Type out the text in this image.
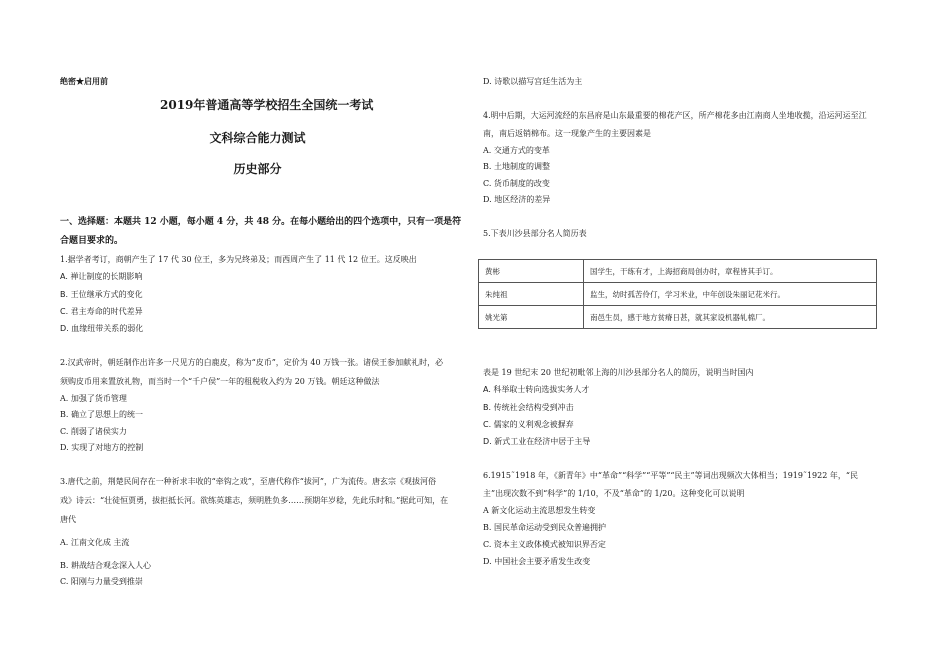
绝密★启用前
2019年普通高等学校招生全国统一考试
文科综合能力测试
历史部分
一、选择题：本题共 12 小题，每小题 4 分，共 48 分。在每小题给出的四个选项中，只有一项是符
合题目要求的。
1.据学者考订，商朝产生了 17 代 30 位王，多为兄终弟及；而西周产生了 11 代 12 位王。这反映出
A. 禅让制度的长期影响
B. 王位继承方式的变化
C. 君主寿命的时代差异
D. 血缘纽带关系的弱化
2.汉武帝时，朝廷制作出许多一尺见方的白鹿皮，称为“皮币”，定价为 40 万钱一张。诸侯王参加献礼时，必
须购皮币用来置放礼物，而当时一个“千户侯”一年的租税收入约为 20 万钱。朝廷这种做法
A. 加强了货币管理
B. 确立了思想上的统一
C. 削弱了诸侯实力
D. 实现了对地方的控制
3.唐代之前，荆楚民间存在一种祈求丰收的“牵钩之戏”，至唐代称作“拔河”，广为流传。唐玄宗《观拔河俗
戏》诗云：“壮徒恒贾勇，拔拒抵长河。欲练英雄志，须明胜负多……预期年岁稔，先此乐时和。”据此可知，在
唐代
A. 江南文化成 主流
B. 耕战结合观念深入人心
C. 阳刚与力量受到推崇
D. 诗歌以描写宫廷生活为主
4.明中后期，大运河流经的东昌府是山东最重要的棉花产区，所产棉花多由江南商人坐地收揽，沿运河运至江
南，南后返销棉布。这一现象产生的主要因素是
A. 交通方式的变革
B. 土地制度的调整
C. 货币制度的改变
D. 地区经济的差异
5.下表川沙县部分名人简历表
黄彬	国学生，干练有才，上海招商局创办时，章程皆其手订。
朱纯祖	监生，幼时孤苦伶仃，学习米业，中年创设朱丽记花米行。
姚光第	南邑生员，感于地方贫瘠日甚，就其家设机器轧棉厂。
表是 19 世纪末 20 世纪初毗邻上海的川沙县部分名人的简历，说明当时国内
A. 科举取士转向选拔实务人才
B. 传统社会结构受到冲击
C. 儒家的义利观念被摒弃
D. 新式工业在经济中居于主导
6.1915˜1918 年，《新青年》中“革命”“科学”“平等”“民主”等词出现频次大体相当；1919˜1922 年，“民
主”出现次数不到“科学”的 1/10，不及“革命”的 1/20。这种变化可以说明
A 新文化运动主流思想发生转变
B. 国民革命运动受到民众普遍拥护
C. 资本主义政体模式被知识界否定
D. 中国社会主要矛盾发生改变
